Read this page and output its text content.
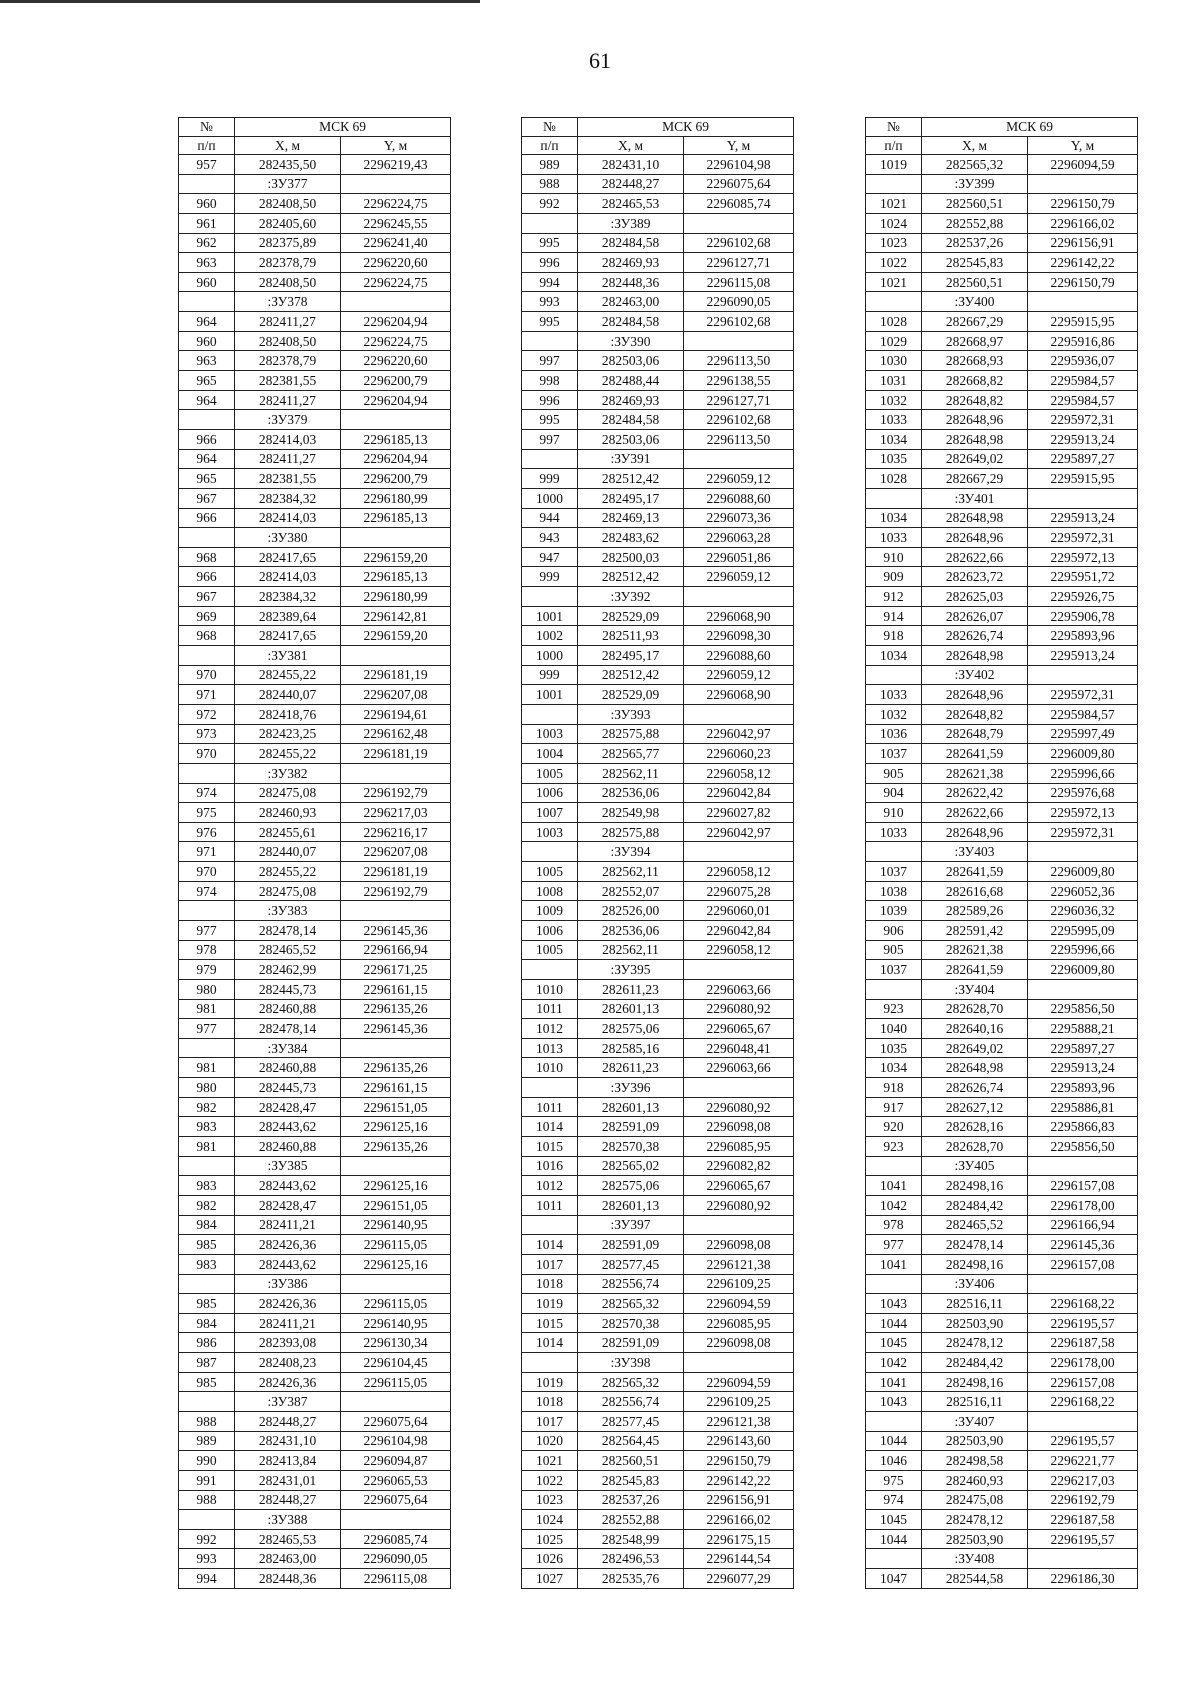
61
№	МСК 69	
п/п	X, м	Y, м
957	282435,50	2296219,43
	:ЗУ377	
960	282408,50	2296224,75
961	282405,60	2296245,55
962	282375,89	2296241,40
963	282378,79	2296220,60
960	282408,50	2296224,75
	:ЗУ378	
964	282411,27	2296204,94
960	282408,50	2296224,75
963	282378,79	2296220,60
965	282381,55	2296200,79
964	282411,27	2296204,94
	:ЗУ379	
966	282414,03	2296185,13
964	282411,27	2296204,94
965	282381,55	2296200,79
967	282384,32	2296180,99
966	282414,03	2296185,13
	:ЗУ380	
968	282417,65	2296159,20
966	282414,03	2296185,13
967	282384,32	2296180,99
969	282389,64	2296142,81
968	282417,65	2296159,20
	:ЗУ381	
970	282455,22	2296181,19
971	282440,07	2296207,08
972	282418,76	2296194,61
973	282423,25	2296162,48
970	282455,22	2296181,19
	:ЗУ382	
974	282475,08	2296192,79
975	282460,93	2296217,03
976	282455,61	2296216,17
971	282440,07	2296207,08
970	282455,22	2296181,19
974	282475,08	2296192,79
	:ЗУ383	
977	282478,14	2296145,36
978	282465,52	2296166,94
979	282462,99	2296171,25
980	282445,73	2296161,15
981	282460,88	2296135,26
977	282478,14	2296145,36
	:ЗУ384	
981	282460,88	2296135,26
980	282445,73	2296161,15
982	282428,47	2296151,05
983	282443,62	2296125,16
981	282460,88	2296135,26
	:ЗУ385	
983	282443,62	2296125,16
982	282428,47	2296151,05
984	282411,21	2296140,95
985	282426,36	2296115,05
983	282443,62	2296125,16
	:ЗУ386	
985	282426,36	2296115,05
984	282411,21	2296140,95
986	282393,08	2296130,34
987	282408,23	2296104,45
985	282426,36	2296115,05
	:ЗУ387	
988	282448,27	2296075,64
989	282431,10	2296104,98
990	282413,84	2296094,87
991	282431,01	2296065,53
988	282448,27	2296075,64
	:ЗУ388	
992	282465,53	2296085,74
993	282463,00	2296090,05
994	282448,36	2296115,08
№	МСК 69	
п/п	X, м	Y, м
989	282431,10	2296104,98
988	282448,27	2296075,64
992	282465,53	2296085,74
	:ЗУ389	
995	282484,58	2296102,68
996	282469,93	2296127,71
994	282448,36	2296115,08
993	282463,00	2296090,05
995	282484,58	2296102,68
	:ЗУ390	
997	282503,06	2296113,50
998	282488,44	2296138,55
996	282469,93	2296127,71
995	282484,58	2296102,68
997	282503,06	2296113,50
	:ЗУ391	
999	282512,42	2296059,12
1000	282495,17	2296088,60
944	282469,13	2296073,36
943	282483,62	2296063,28
947	282500,03	2296051,86
999	282512,42	2296059,12
	:ЗУ392	
1001	282529,09	2296068,90
1002	282511,93	2296098,30
1000	282495,17	2296088,60
999	282512,42	2296059,12
1001	282529,09	2296068,90
	:ЗУ393	
1003	282575,88	2296042,97
1004	282565,77	2296060,23
1005	282562,11	2296058,12
1006	282536,06	2296042,84
1007	282549,98	2296027,82
1003	282575,88	2296042,97
	:ЗУ394	
1005	282562,11	2296058,12
1008	282552,07	2296075,28
1009	282526,00	2296060,01
1006	282536,06	2296042,84
1005	282562,11	2296058,12
	:ЗУ395	
1010	282611,23	2296063,66
1011	282601,13	2296080,92
1012	282575,06	2296065,67
1013	282585,16	2296048,41
1010	282611,23	2296063,66
	:ЗУ396	
1011	282601,13	2296080,92
1014	282591,09	2296098,08
1015	282570,38	2296085,95
1016	282565,02	2296082,82
1012	282575,06	2296065,67
1011	282601,13	2296080,92
	:ЗУ397	
1014	282591,09	2296098,08
1017	282577,45	2296121,38
1018	282556,74	2296109,25
1019	282565,32	2296094,59
1015	282570,38	2296085,95
1014	282591,09	2296098,08
	:ЗУ398	
1019	282565,32	2296094,59
1018	282556,74	2296109,25
1017	282577,45	2296121,38
1020	282564,45	2296143,60
1021	282560,51	2296150,79
1022	282545,83	2296142,22
1023	282537,26	2296156,91
1024	282552,88	2296166,02
1025	282548,99	2296175,15
1026	282496,53	2296144,54
1027	282535,76	2296077,29
№	МСК 69	
п/п	X, м	Y, м
1019	282565,32	2296094,59
	:ЗУ399	
1021	282560,51	2296150,79
1024	282552,88	2296166,02
1023	282537,26	2296156,91
1022	282545,83	2296142,22
1021	282560,51	2296150,79
	:ЗУ400	
1028	282667,29	2295915,95
1029	282668,97	2295916,86
1030	282668,93	2295936,07
1031	282668,82	2295984,57
1032	282648,82	2295984,57
1033	282648,96	2295972,31
1034	282648,98	2295913,24
1035	282649,02	2295897,27
1028	282667,29	2295915,95
	:ЗУ401	
1034	282648,98	2295913,24
1033	282648,96	2295972,31
910	282622,66	2295972,13
909	282623,72	2295951,72
912	282625,03	2295926,75
914	282626,07	2295906,78
918	282626,74	2295893,96
1034	282648,98	2295913,24
	:ЗУ402	
1033	282648,96	2295972,31
1032	282648,82	2295984,57
1036	282648,79	2295997,49
1037	282641,59	2296009,80
905	282621,38	2295996,66
904	282622,42	2295976,68
910	282622,66	2295972,13
1033	282648,96	2295972,31
	:ЗУ403	
1037	282641,59	2296009,80
1038	282616,68	2296052,36
1039	282589,26	2296036,32
906	282591,42	2295995,09
905	282621,38	2295996,66
1037	282641,59	2296009,80
	:ЗУ404	
923	282628,70	2295856,50
1040	282640,16	2295888,21
1035	282649,02	2295897,27
1034	282648,98	2295913,24
918	282626,74	2295893,96
917	282627,12	2295886,81
920	282628,16	2295866,83
923	282628,70	2295856,50
	:ЗУ405	
1041	282498,16	2296157,08
1042	282484,42	2296178,00
978	282465,52	2296166,94
977	282478,14	2296145,36
1041	282498,16	2296157,08
	:ЗУ406	
1043	282516,11	2296168,22
1044	282503,90	2296195,57
1045	282478,12	2296187,58
1042	282484,42	2296178,00
1041	282498,16	2296157,08
1043	282516,11	2296168,22
	:ЗУ407	
1044	282503,90	2296195,57
1046	282498,58	2296221,77
975	282460,93	2296217,03
974	282475,08	2296192,79
1045	282478,12	2296187,58
1044	282503,90	2296195,57
	:ЗУ408	
1047	282544,58	2296186,30
